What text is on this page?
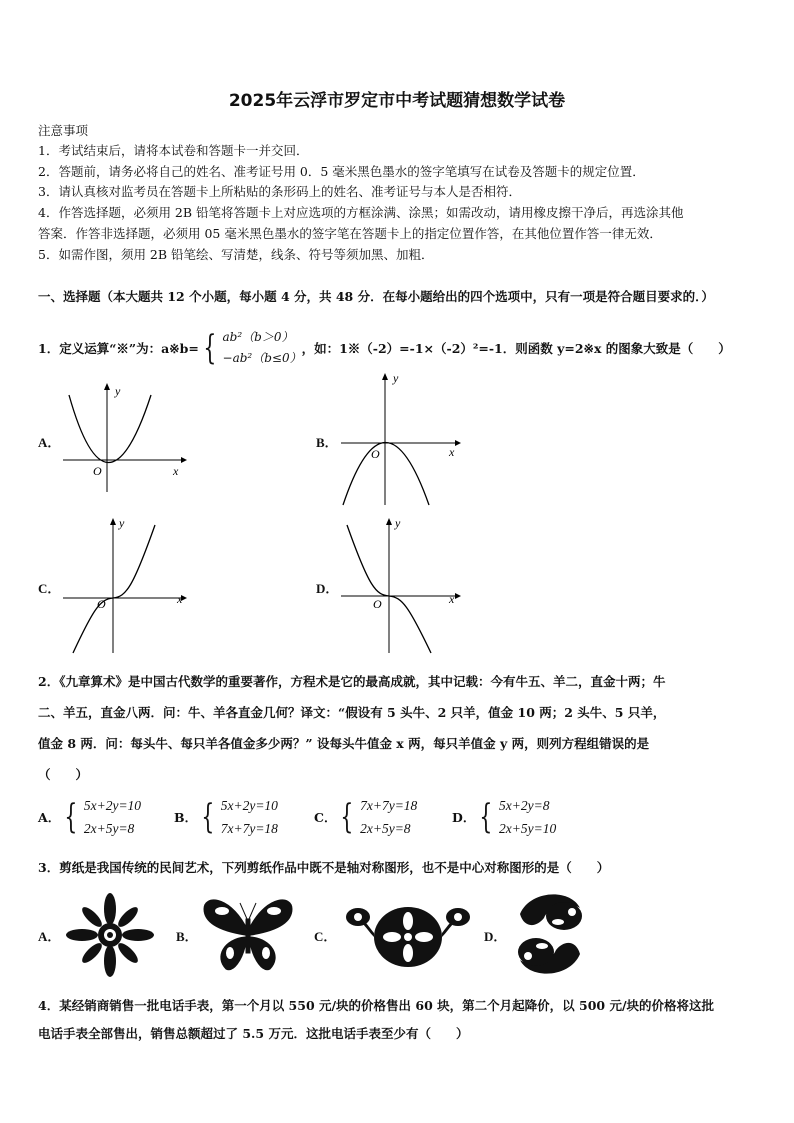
2025年云浮市罗定市中考试题猜想数学试卷
注意事项
1．考试结束后，请将本试卷和答题卡一并交回．
2．答题前，请务必将自己的姓名、准考证号用 0．5 毫米黑色墨水的签字笔填写在试卷及答题卡的规定位置．
3．请认真核对监考员在答题卡上所粘贴的条形码上的姓名、准考证号与本人是否相符．
4．作答选择题，必须用 2B 铅笔将答题卡上对应选项的方框涂满、涂黑；如需改动，请用橡皮擦干净后，再选涂其他
答案．作答非选择题，必须用 05 毫米黑色墨水的签字笔在答题卡上的指定位置作答，在其他位置作答一律无效．
5．如需作图，须用 2B 铅笔绘、写清楚，线条、符号等须加黑、加粗．
一、选择题（本大题共 12 个小题，每小题 4 分，共 48 分．在每小题给出的四个选项中，只有一项是符合题目要求的．）
1．定义运算“※”为：a※b= { ab²（b＞0）
−ab²（b≤0）
，如：1※（-2）=-1×（-2）²=-1．则函数 y=2※x 的图象大致是（　　）
A．
y
x
O
B．
y
x
O
C．
y
x
O
D．
y
x
O
2．《九章算术》是中国古代数学的重要著作，方程术是它的最高成就，其中记载：今有牛五、羊二，直金十两；牛
二、羊五，直金八两．问：牛、羊各直金几何？译文：“假设有 5 头牛、2 只羊，值金 10 两；2 头牛、5 只羊，
值金 8 两．问：每头牛、每只羊各值金多少两？” 设每头牛值金 x 两，每只羊值金 y 两，则列方程组错误的是
（　　）
A． { 5x+2y=10
2x+5y=8
B． { 5x+2y=10
7x+7y=18
C． { 7x+7y=18
2x+5y=8
D． { 5x+2y=8
2x+5y=10
3．剪纸是我国传统的民间艺术，下列剪纸作品中既不是轴对称图形，也不是中心对称图形的是（　　）
A．	B．	C．	D．
4．某经销商销售一批电话手表，第一个月以 550 元/块的价格售出 60 块，第二个月起降价，以 500 元/块的价格将这批
电话手表全部售出，销售总额超过了 5.5 万元．这批电话手表至少有（　　）
